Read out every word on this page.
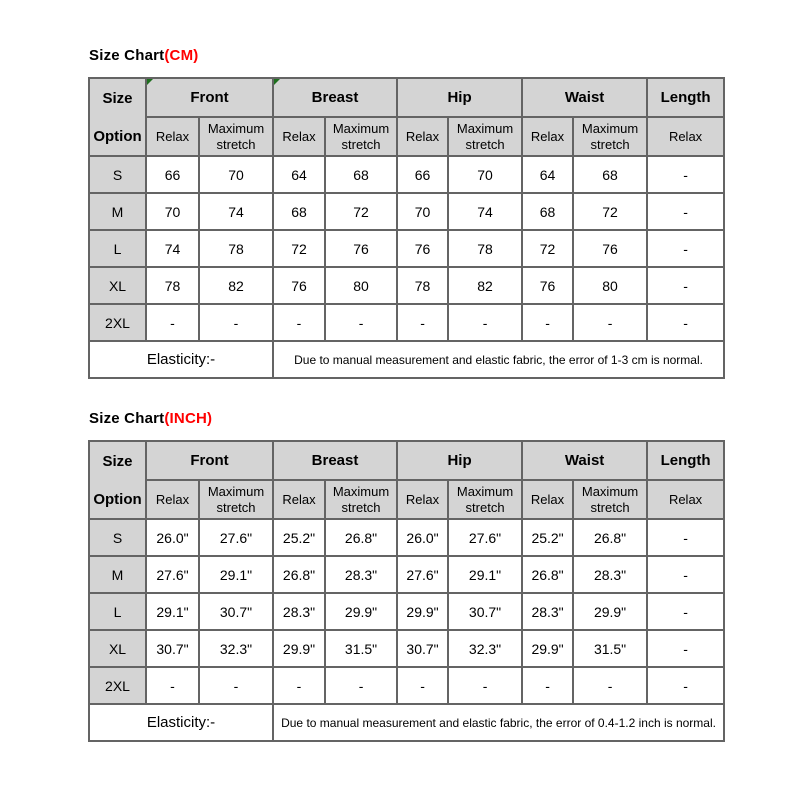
Size Chart(CM)
Size
Option	Front		Breast		Hip		Waist		Length
	Relax	Maximum stretch	Relax	Maximum stretch	Relax	Maximum stretch	Relax	Maximum stretch	Relax
S	66	70	64	68	66	70	64	68	-
M	70	74	68	72	70	74	68	72	-
L	74	78	72	76	76	78	72	76	-
XL	78	82	76	80	78	82	76	80	-
2XL	-	-	-	-	-	-	-	-	-
Elasticity:-			Due to manual measurement and elastic fabric, the error of 1-3 cm is normal.						
Size Chart(INCH)
Size
Option	Front		Breast		Hip		Waist		Length
	Relax	Maximum stretch	Relax	Maximum stretch	Relax	Maximum stretch	Relax	Maximum stretch	Relax
S	26.0"	27.6"	25.2"	26.8"	26.0"	27.6"	25.2"	26.8"	-
M	27.6"	29.1"	26.8"	28.3"	27.6"	29.1"	26.8"	28.3"	-
L	29.1"	30.7"	28.3"	29.9"	29.9"	30.7"	28.3"	29.9"	-
XL	30.7"	32.3"	29.9"	31.5"	30.7"	32.3"	29.9"	31.5"	-
2XL	-	-	-	-	-	-	-	-	-
Elasticity:-			Due to manual measurement and elastic fabric, the error of 0.4-1.2 inch is normal.						
